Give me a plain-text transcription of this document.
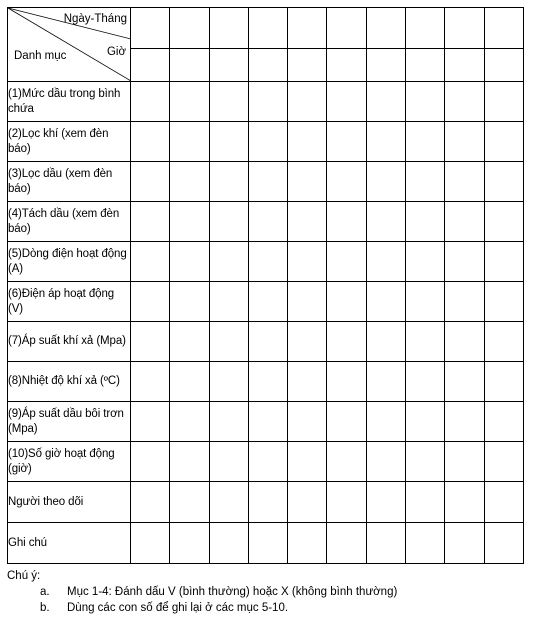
Ngày-Tháng
Giờ
Danh mục										

(1)Mức dầu trong bình chứa										
(2)Lọc khí (xem đèn báo)										
(3)Lọc dầu (xem đèn báo)										
(4)Tách dầu (xem đèn báo)										
(5)Dòng điện hoạt động (A)										
(6)Điện áp hoạt động (V)										
(7)Áp suất khí xả (Mpa)										
(8)Nhiệt độ khí xả (ºC)										
(9)Áp suất dầu bôi trơn (Mpa)										
(10)Số giờ hoạt động (giờ)										
Người theo dõi										
Ghi chú										
Chú ý:
a.	Mục 1-4: Đánh dấu V (bình thường) hoặc X (không bình thường)
b.	Dùng các con số để ghi lại ở các mục 5-10.
